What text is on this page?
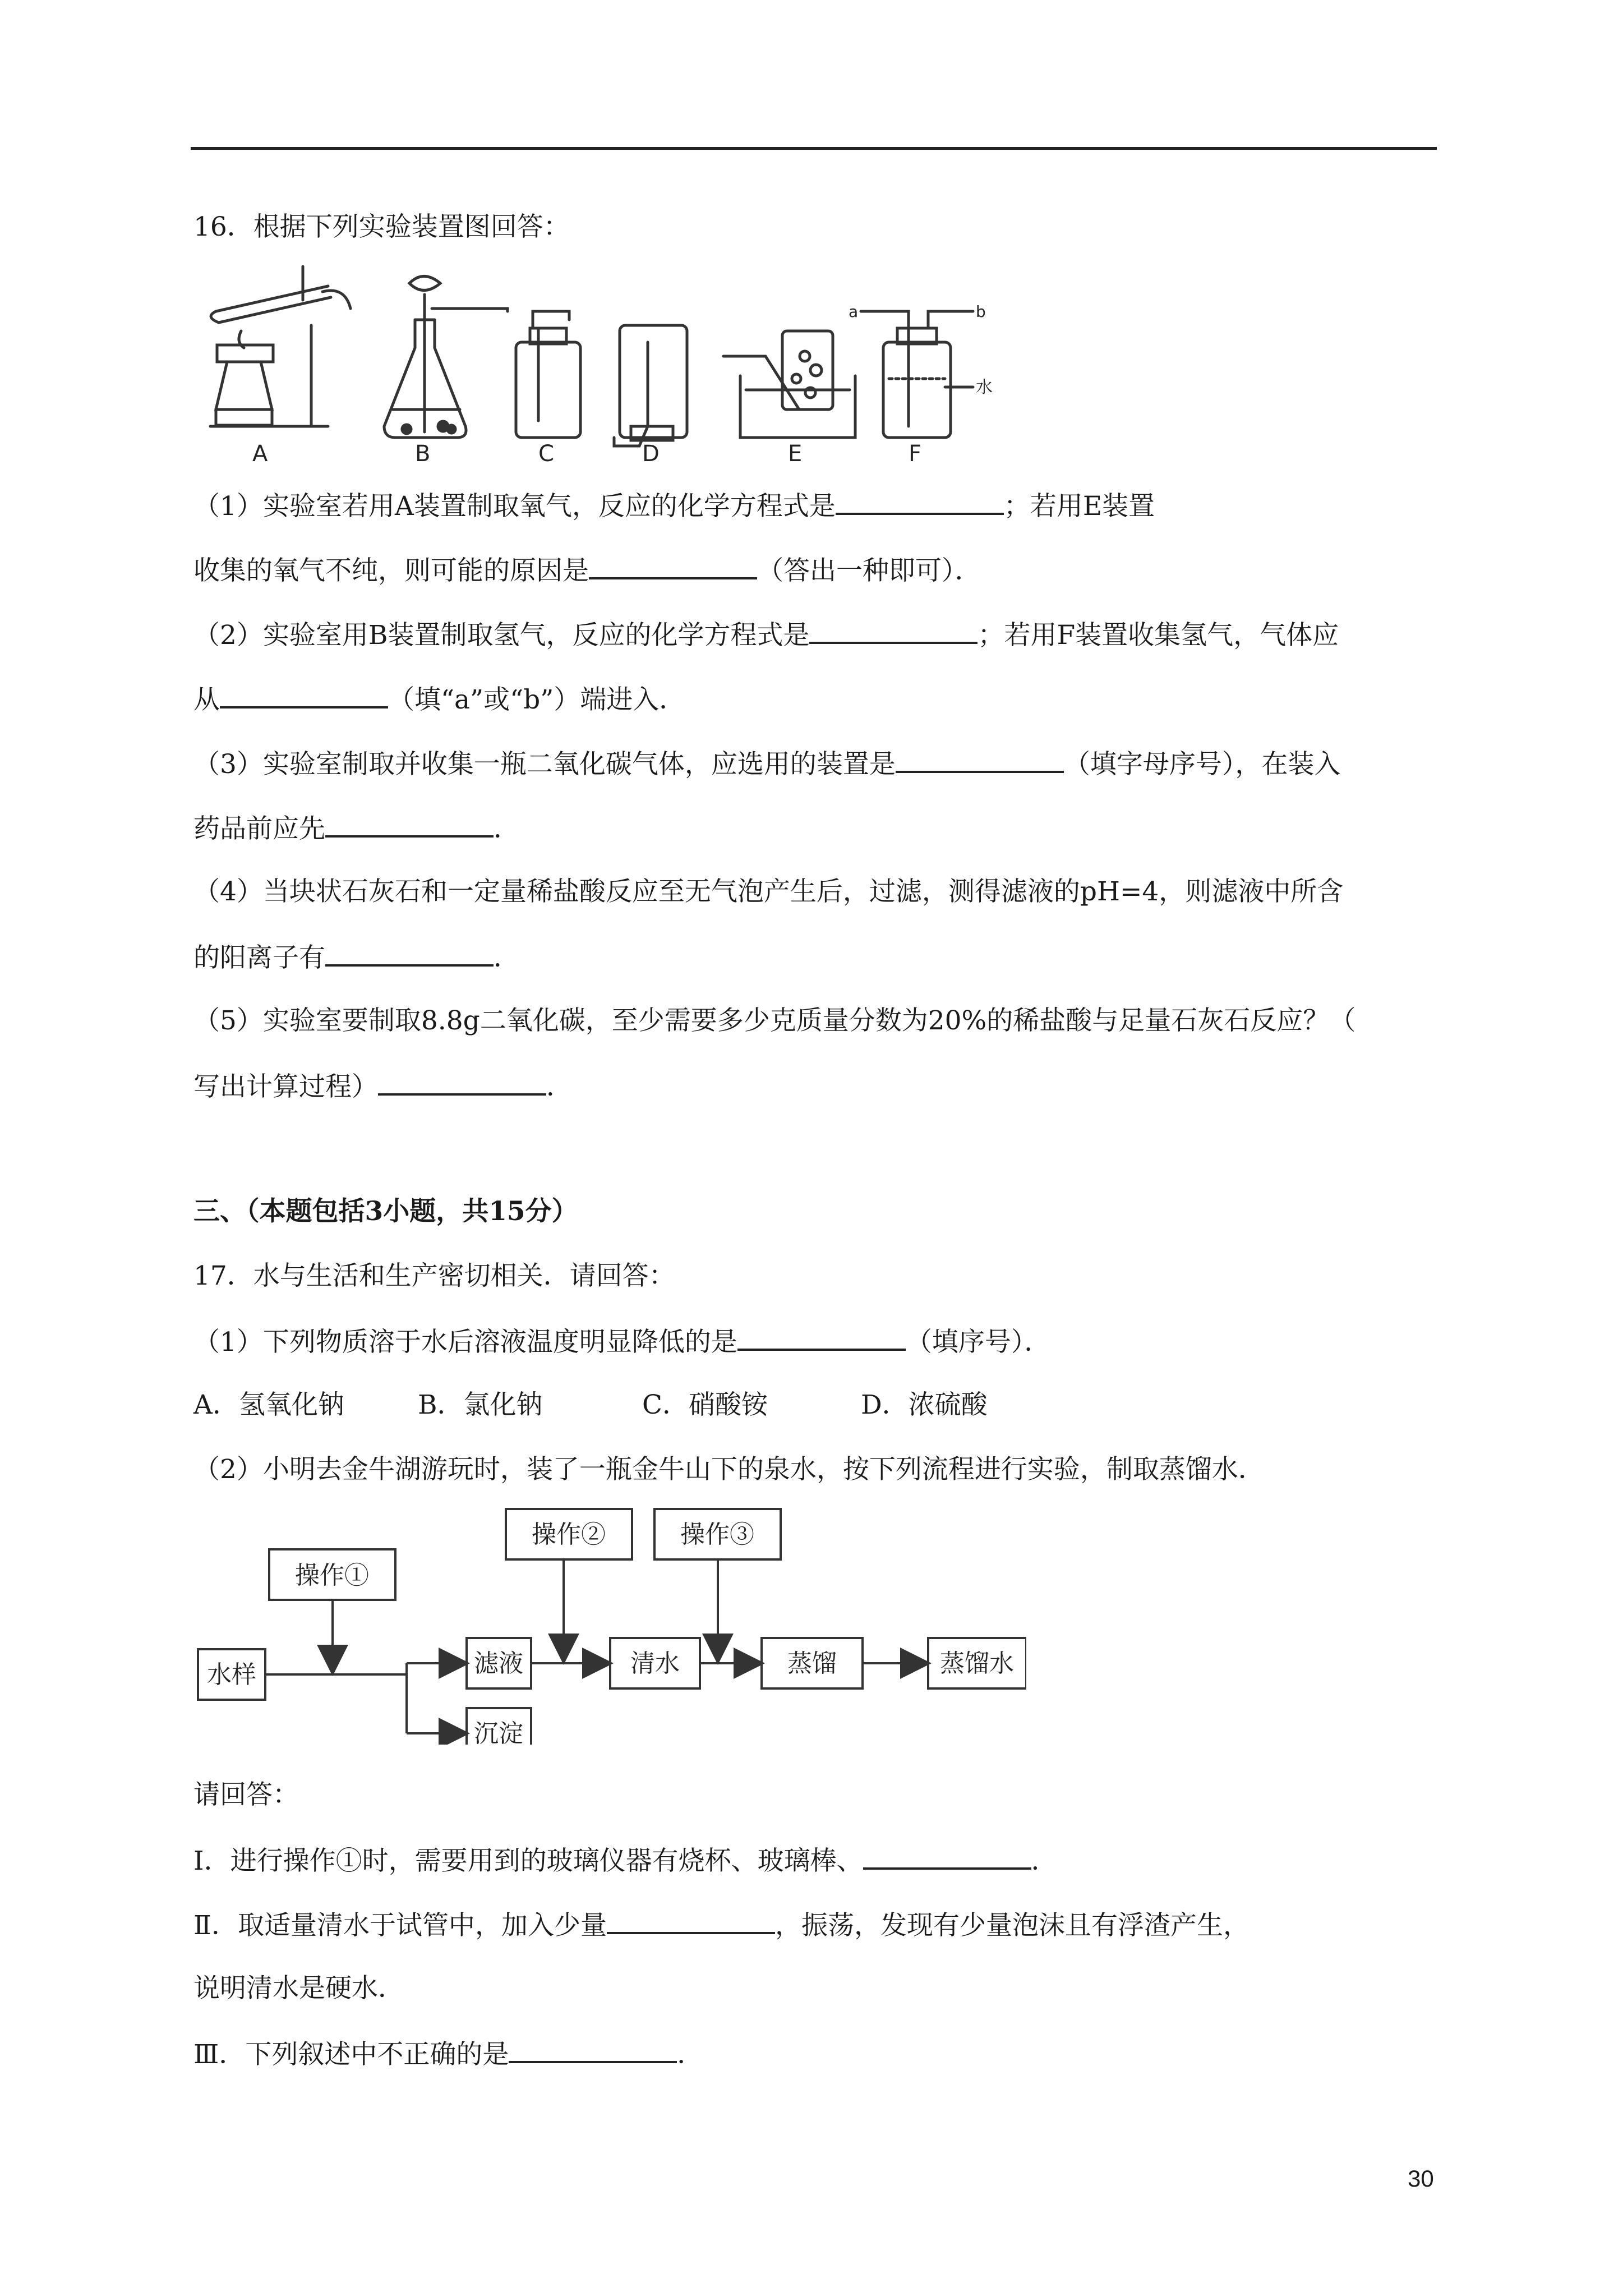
16．根据下列实验装置图回答：
A	B	C	D	E	F
a	b
水
（1）实验室若用A装置制取氧气，反应的化学方程式是	；若用E装置
收集的氧气不纯，则可能的原因是	（答出一种即可）．
（2）实验室用B装置制取氢气，反应的化学方程式是	；若用F装置收集氢气，气体应
从	（填“a”或“b”）端进入．
（3）实验室制取并收集一瓶二氧化碳气体，应选用的装置是	（填字母序号），在装入
药品前应先	．
（4）当块状石灰石和一定量稀盐酸反应至无气泡产生后，过滤，测得滤液的pH=4，则滤液中所含
的阳离子有	．
（5）实验室要制取8.8g二氧化碳，至少需要多少克质量分数为20%的稀盐酸与足量石灰石反应？（
写出计算过程）	．
三、（本题包括3小题，共15分）
17．水与生活和生产密切相关．请回答：
（1）下列物质溶于水后溶液温度明显降低的是	（填序号）．
A．氢氧化钠	B．氯化钠	C．硝酸铵	D．浓硫酸
（2）小明去金牛湖游玩时，装了一瓶金牛山下的泉水，按下列流程进行实验，制取蒸馏水．
水样
操作①
滤液
沉淀
操作②
清水
操作③
蒸馏	蒸馏水
请回答：
Ⅰ．进行操作①时，需要用到的玻璃仪器有烧杯、玻璃棒、	．
Ⅱ．取适量清水于试管中，加入少量	，振荡，发现有少量泡沫且有浮渣产生，
说明清水是硬水．
Ⅲ．下列叙述中不正确的是	．
30
